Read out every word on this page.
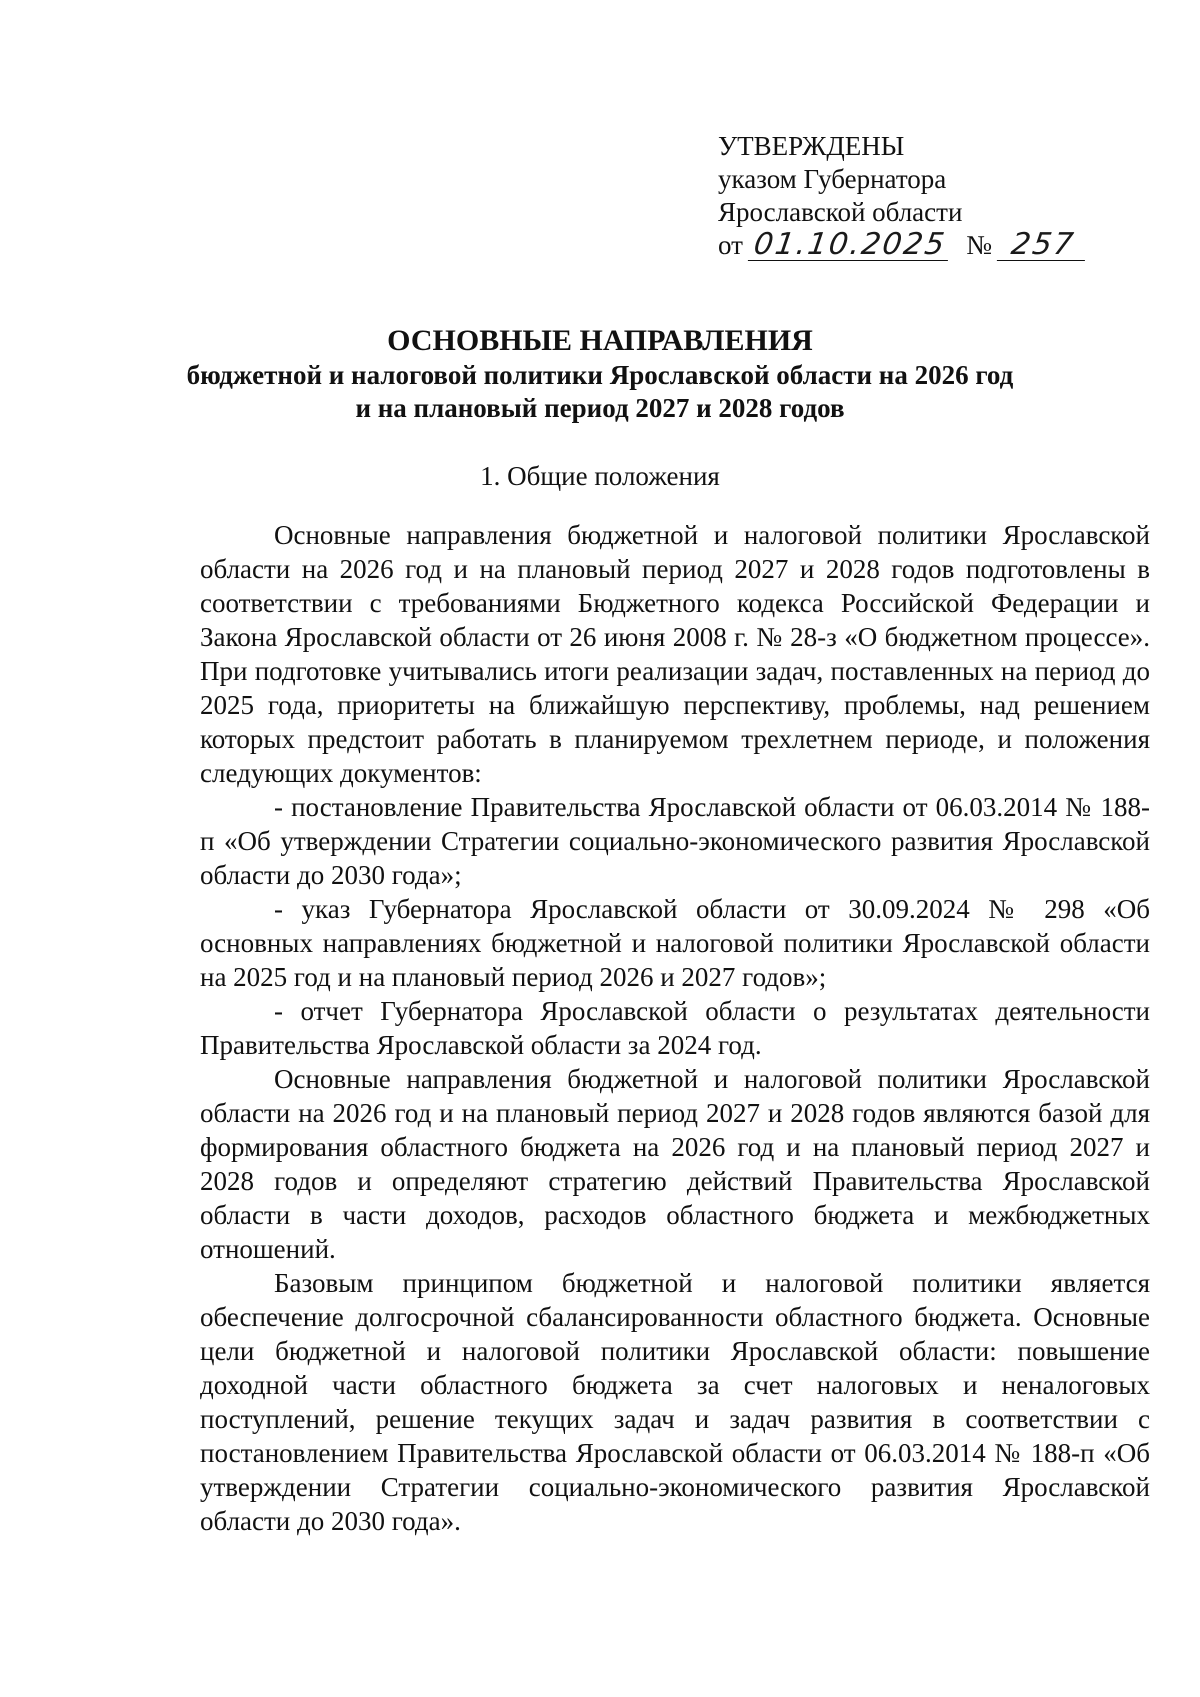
УТВЕРЖДЕНЫ
указом Губернатора
Ярославской области
от 01.10.2025 № 257
ОСНОВНЫЕ НАПРАВЛЕНИЯ
бюджетной и налоговой политики Ярославской области на 2026 год
и на плановый период 2027 и 2028 годов
1. Общие положения

Основные направления бюджетной и налоговой политики Ярославской области на 2026 год и на плановый период 2027 и 2028 годов подготовлены в соответствии с требованиями Бюджетного кодекса Российской Федерации и Закона Ярославской области от 26 июня 2008 г. № 28-з «О бюджетном процессе». При подготовке учитывались итоги реализации задач, поставленных на период до 2025 года, приоритеты на ближайшую перспективу, проблемы, над решением которых предстоит работать в планируемом трехлетнем периоде, и положения следующих документов:

- постановление Правительства Ярославской области от 06.03.2014 № 188-п «Об утверждении Стратегии социально-экономического развития Ярославской области до 2030 года»;

- указ Губернатора Ярославской области от 30.09.2024 № 298 «Об основных направлениях бюджетной и налоговой политики Ярославской области на 2025 год и на плановый период 2026 и 2027 годов»;

- отчет Губернатора Ярославской области о результатах деятельности Правительства Ярославской области за 2024 год.

Основные направления бюджетной и налоговой политики Ярославской области на 2026 год и на плановый период 2027 и 2028 годов являются базой для формирования областного бюджета на 2026 год и на плановый период 2027 и 2028 годов и определяют стратегию действий Правительства Ярославской области в части доходов, расходов областного бюджета и межбюджетных отношений.

Базовым принципом бюджетной и налоговой политики является обеспечение долгосрочной сбалансированности областного бюджета. Основные цели бюджетной и налоговой политики Ярославской области: повышение доходной части областного бюджета за счет налоговых и неналоговых поступлений, решение текущих задач и задач развития в соответствии с постановлением Правительства Ярославской области от 06.03.2014 № 188-п «Об утверждении Стратегии социально-экономического развития Ярославской области до 2030 года».
